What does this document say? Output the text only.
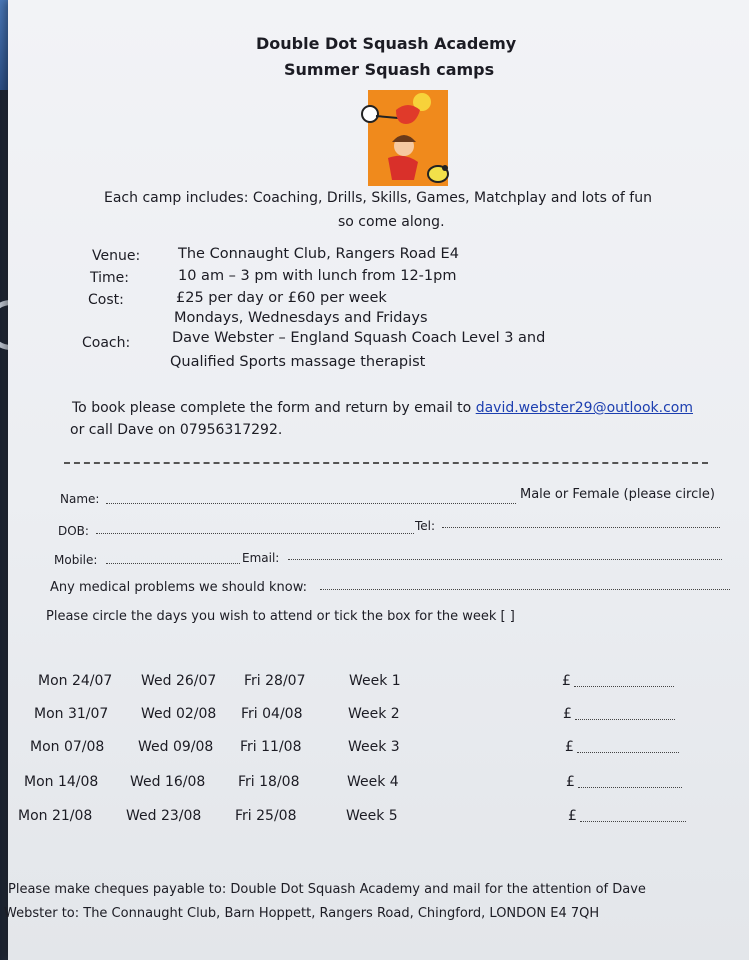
Double Dot Squash Academy
Summer Squash camps
Each camp includes: Coaching, Drills, Skills, Games, Matchplay and lots of fun
so come along.
Venue:	The Connaught Club, Rangers Road E4
Time:	10 am – 3 pm with lunch from 12-1pm
Cost:	£25 per day or £60 per week
Mondays, Wednesdays and Fridays
Coach:	Dave Webster – England Squash Coach Level 3 and
Qualified Sports massage therapist
To book please complete the form and return by email to david.webster29@outlook.com
or call Dave on 07956317292.
Name:	Male or Female (please circle)
DOB:	Tel:
Mobile:	Email:
Any medical problems we should know:
Please circle the days you wish to attend or tick the box for the week [ ]
Mon 24/07 Wed 26/07 Fri 28/07	Week 1	£
Mon 31/07 Wed 02/08 Fri 04/08	Week 2	£
Mon 07/08 Wed 09/08 Fri 11/08	Week 3	£
Mon 14/08 Wed 16/08 Fri 18/08	Week 4	£
Mon 21/08 Wed 23/08 Fri 25/08	Week 5	£
Please make cheques payable to: Double Dot Squash Academy and mail for the attention of Dave
Webster to: The Connaught Club, Barn Hoppett, Rangers Road, Chingford, LONDON E4 7QH
